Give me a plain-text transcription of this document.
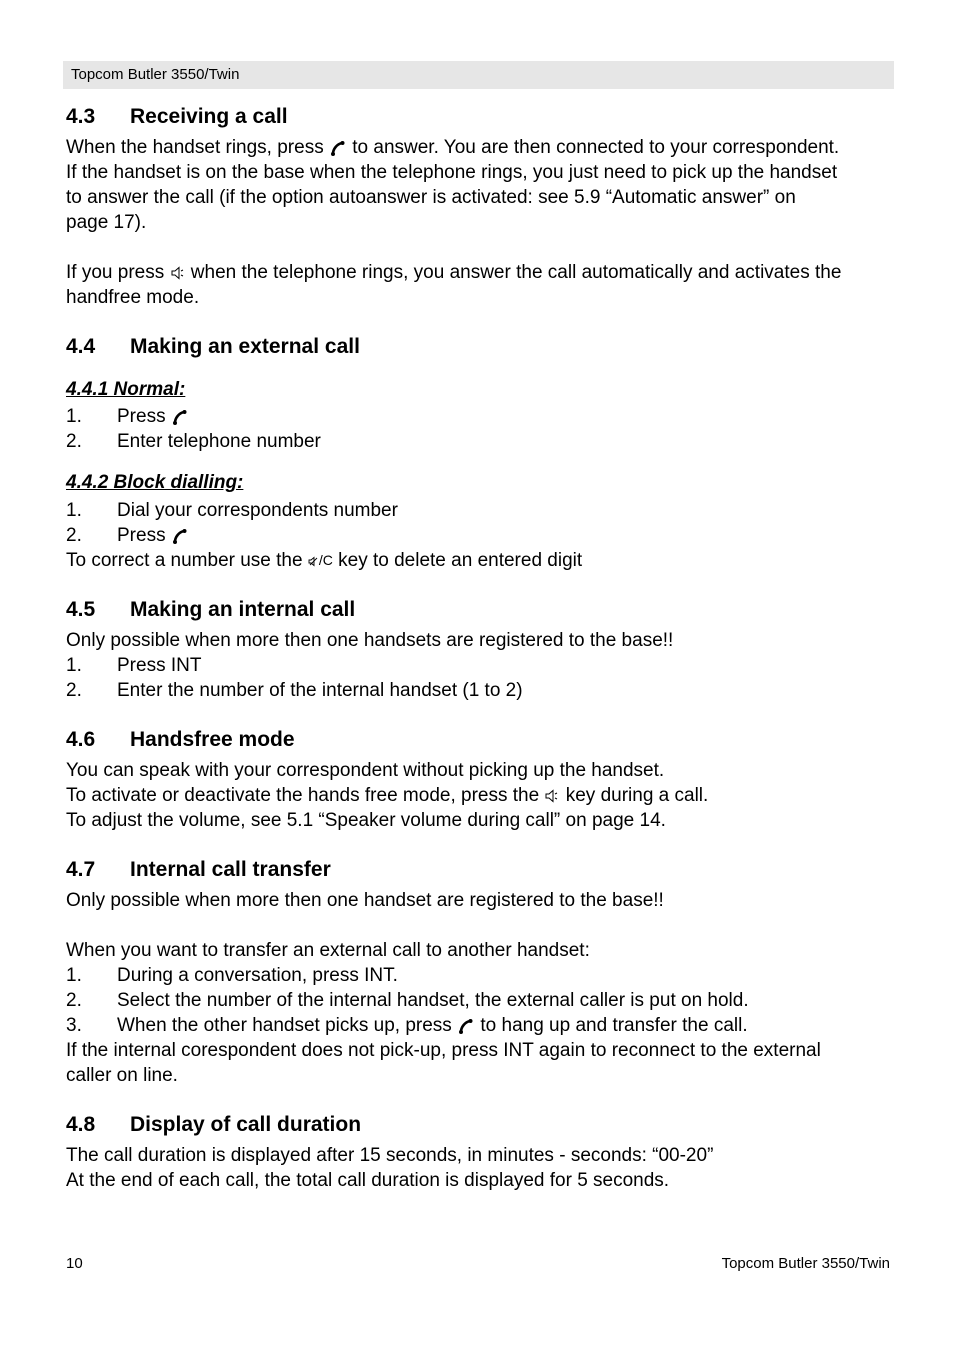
Topcom Butler 3550/Twin
4.3 Receiving a call

When the handset rings, press to answer. You are then connected to your correspondent.

If the handset is on the base when the telephone rings, you just need to pick up the handset

to answer the call (if the option autoanswer is activated: see 5.9 “Automatic answer” on

page 17).

If you press when the telephone rings, you answer the call automatically and activates the

handfree mode.

4.4 Making an external call

4.4.1 Normal:

1.	Press
2.	Enter telephone number

4.4.2 Block dialling:

1.	Dial your correspondents number
2.	Press

To correct a number use the /C key to delete an entered digit

4.5 Making an internal call

Only possible when more then one handsets are registered to the base!!

1.	Press INT
2.	Enter the number of the internal handset (1 to 2)
4.6 Handsfree mode

You can speak with your correspondent without picking up the handset.

To activate or deactivate the hands free mode, press the key during a call.

To adjust the volume, see 5.1 “Speaker volume during call” on page 14.

4.7 Internal call transfer

Only possible when more then one handset are registered to the base!!

When you want to transfer an external call to another handset:

1.	During a conversation, press INT.
2.	Select the number of the internal handset, the external caller is put on hold.
3.	When the other handset picks up, press to hang up and transfer the call.

If the internal corespondent does not pick-up, press INT again to reconnect to the external

caller on line.

4.8 Display of call duration

The call duration is displayed after 15 seconds, in minutes - seconds: “00-20”

At the end of each call, the total call duration is displayed for 5 seconds.

10	Topcom Butler 3550/Twin
